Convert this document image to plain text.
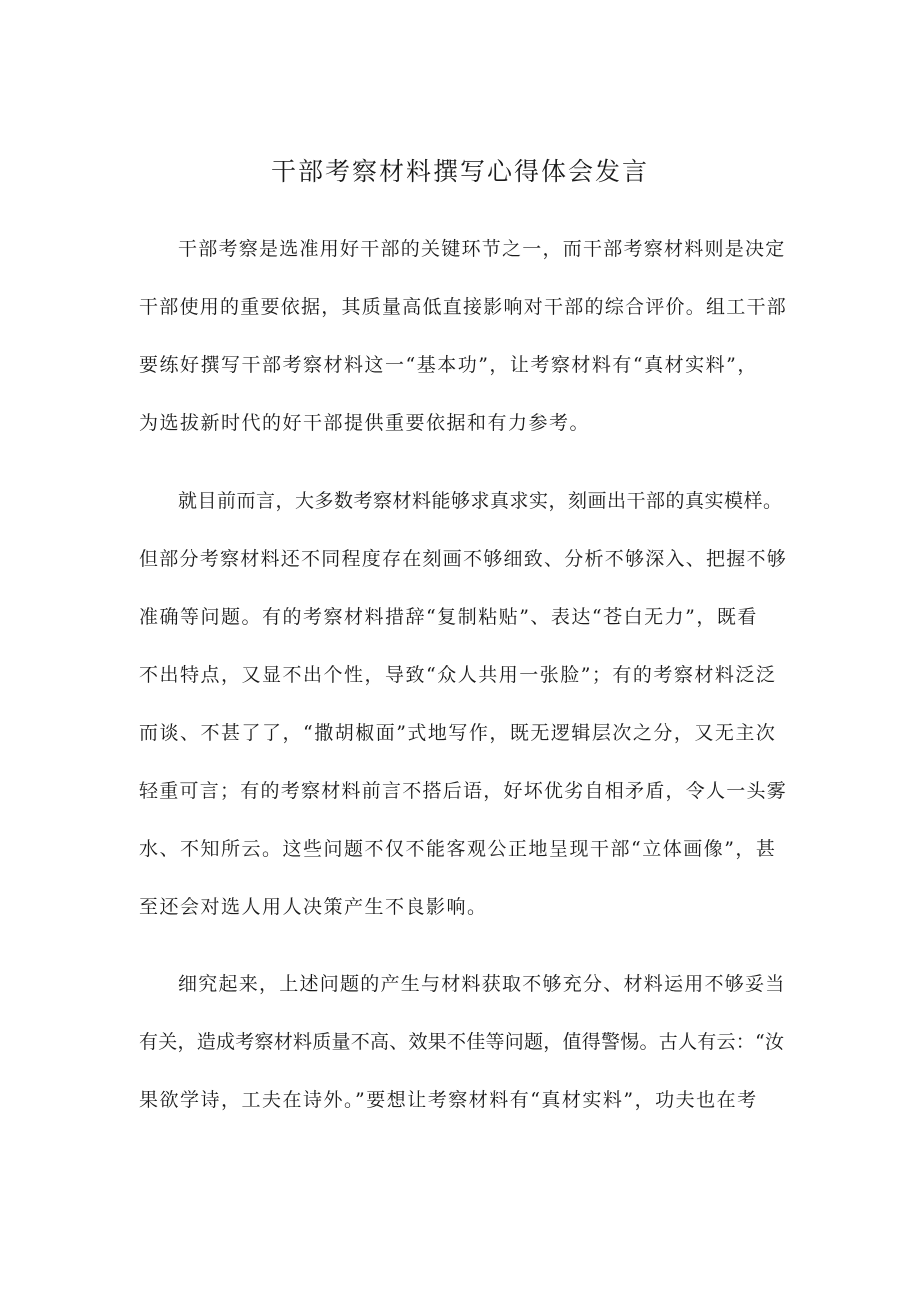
干部考察材料撰写心得体会发言

干部考察是选准用好干部的关键环节之一，而干部考察材料则是决定

干部使用的重要依据，其质量高低直接影响对干部的综合评价。组工干部

要练好撰写干部考察材料这一“基本功”，让考察材料有“真材实料”，

为选拔新时代的好干部提供重要依据和有力参考。

就目前而言，大多数考察材料能够求真求实，刻画出干部的真实模样。

但部分考察材料还不同程度存在刻画不够细致、分析不够深入、把握不够

准确等问题。有的考察材料措辞“复制粘贴”、表达“苍白无力”，既看

不出特点，又显不出个性，导致“众人共用一张脸”；有的考察材料泛泛

而谈、不甚了了，“撒胡椒面”式地写作，既无逻辑层次之分，又无主次

轻重可言；有的考察材料前言不搭后语，好坏优劣自相矛盾，令人一头雾

水、不知所云。这些问题不仅不能客观公正地呈现干部“立体画像”，甚

至还会对选人用人决策产生不良影响。

细究起来，上述问题的产生与材料获取不够充分、材料运用不够妥当

有关，造成考察材料质量不高、效果不佳等问题，值得警惕。古人有云：“汝

果欲学诗，工夫在诗外。”要想让考察材料有“真材实料”，功夫也在考
